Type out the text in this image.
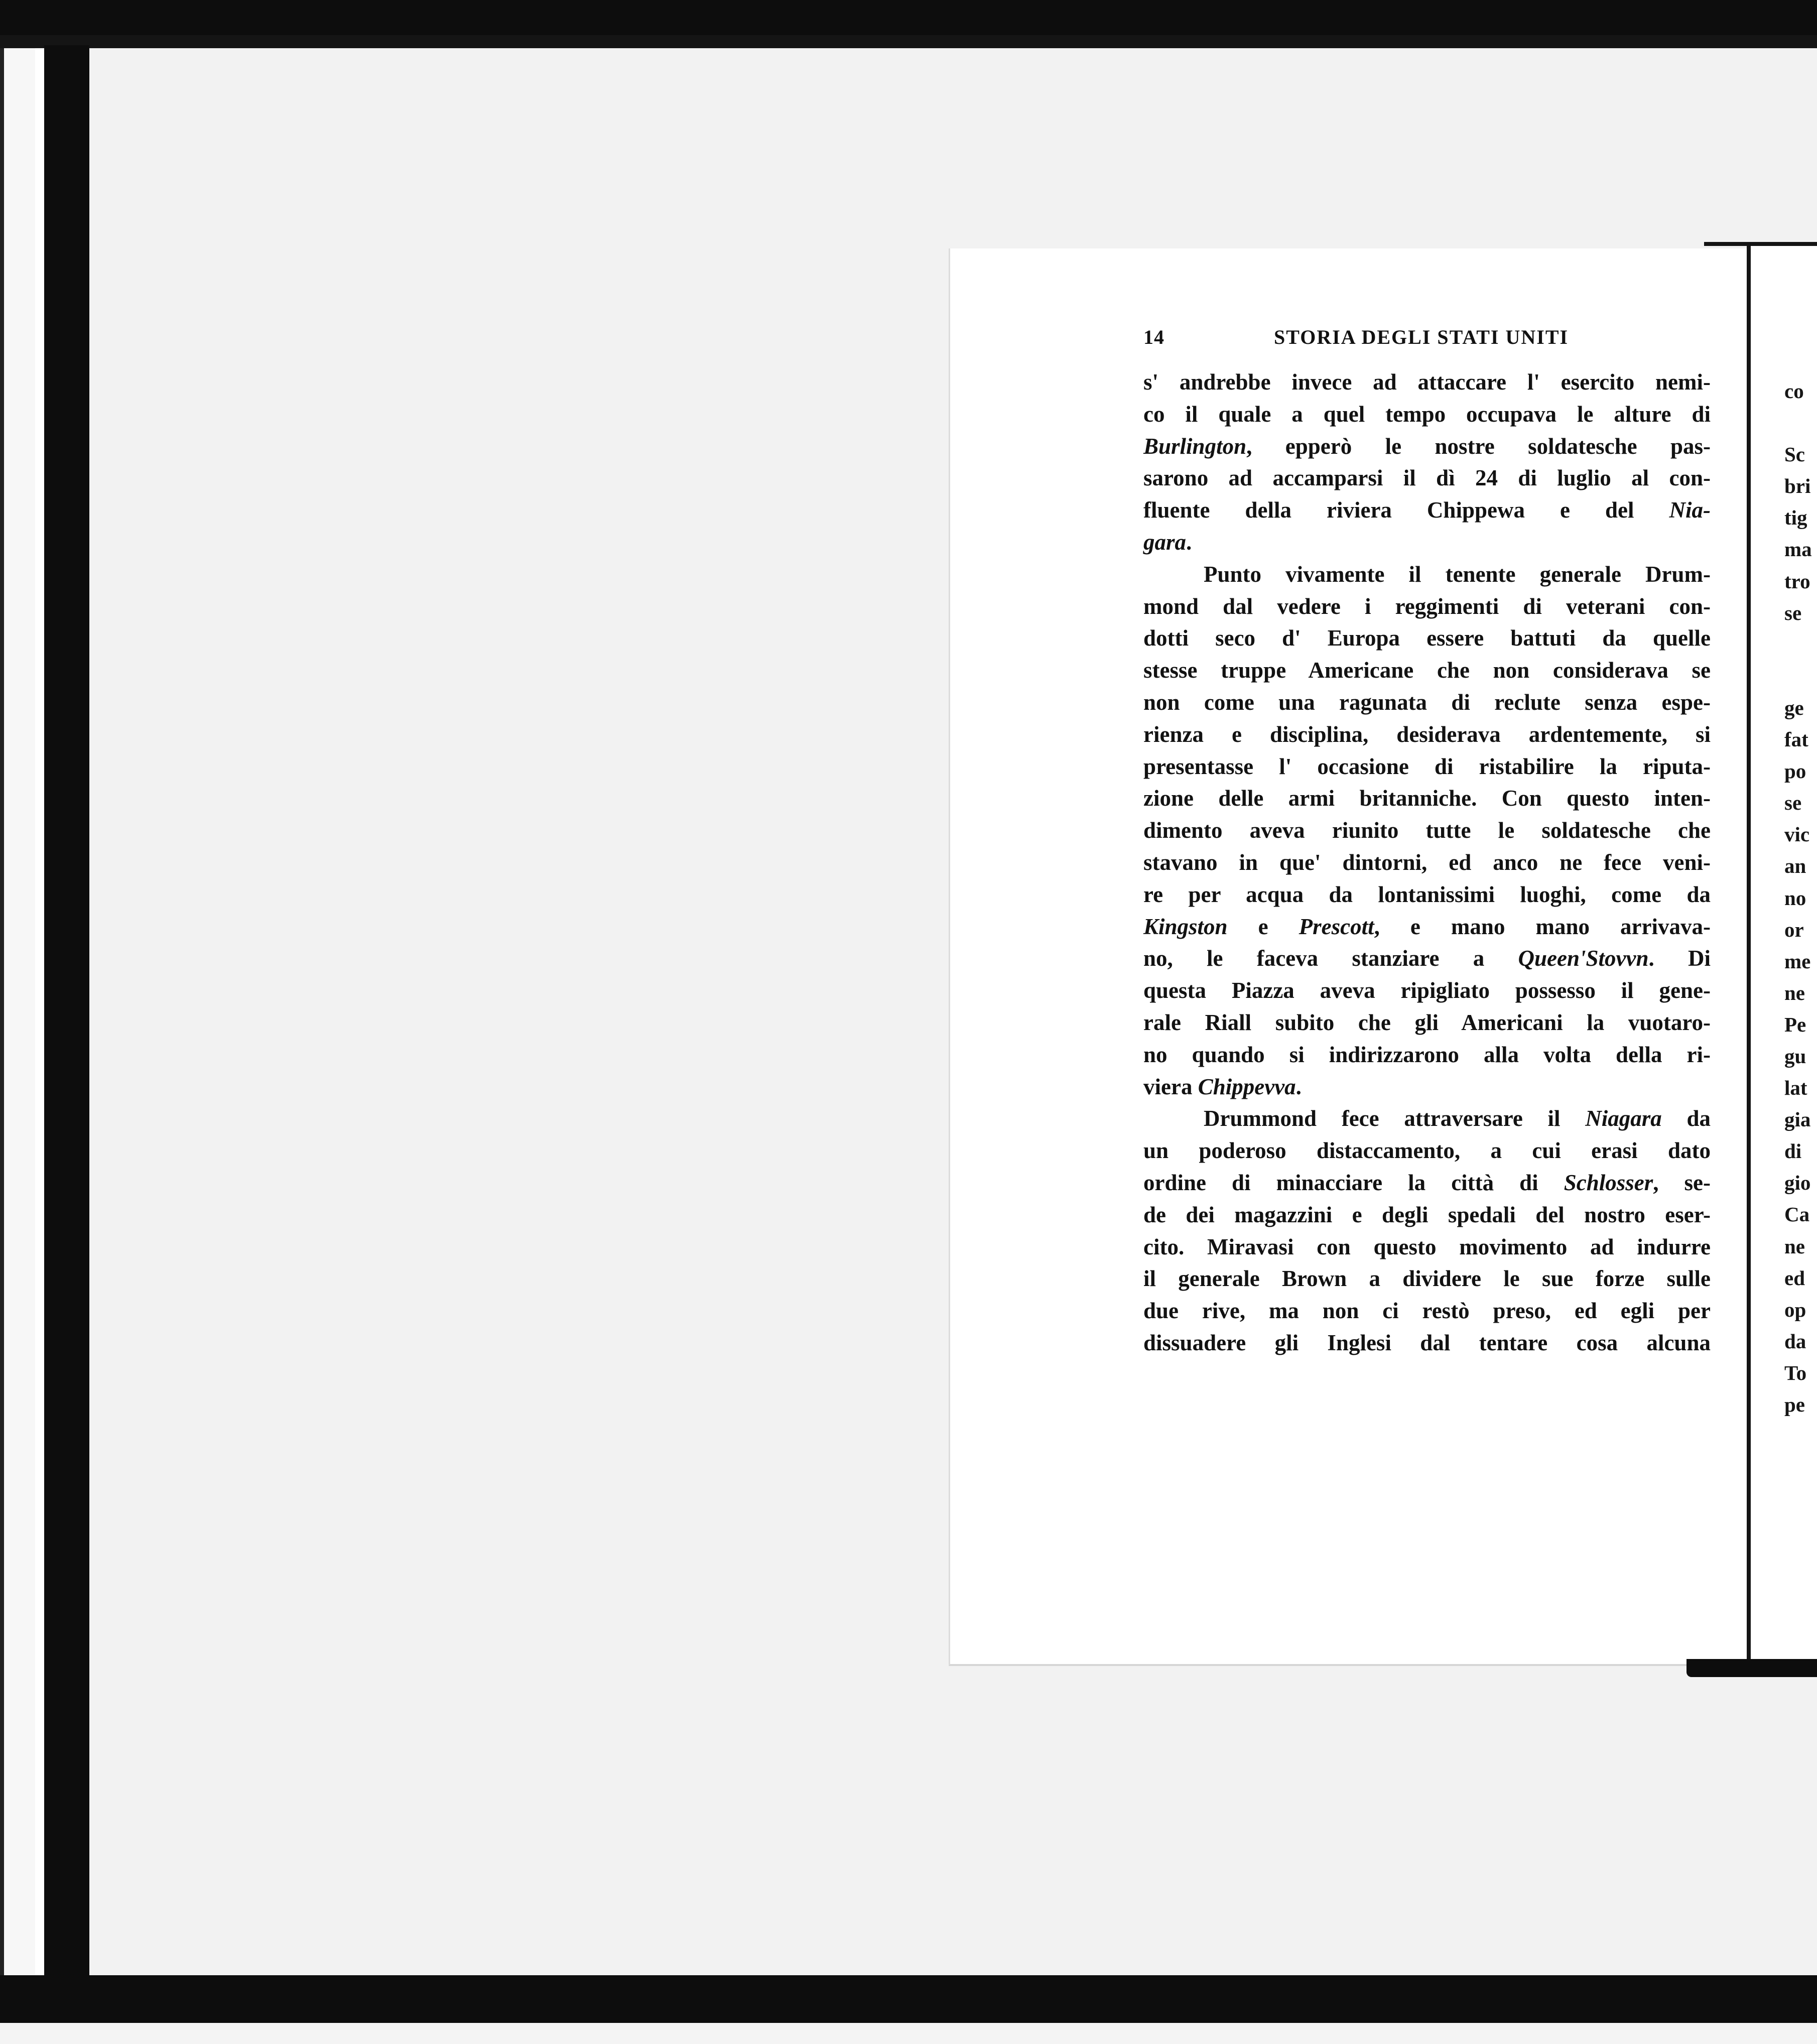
co
Sc
bri
tig
ma
tro
se
ge
fat
po
se
vic
an
no
or
me
ne
Pe
gu
lat
gia
di
gio
Ca
ne
ed
op
da
To
pe
14	STORIA DEGLI STATI UNITI
s' andrebbe invece ad attaccare l' esercito nemi-
co il quale a quel tempo occupava le alture di
Burlington, epperò le nostre soldatesche pas-
sarono ad accamparsi il dì 24 di luglio al con-
fluente della riviera Chippewa e del Nia-
gara.
Punto vivamente il tenente generale Drum-
mond dal vedere i reggimenti di veterani con-
dotti seco d' Europa essere battuti da quelle
stesse truppe Americane che non considerava se
non come una ragunata di reclute senza espe-
rienza e disciplina, desiderava ardentemente, si
presentasse l' occasione di ristabilire la riputa-
zione delle armi britanniche. Con questo inten-
dimento aveva riunito tutte le soldatesche che
stavano in que' dintorni, ed anco ne fece veni-
re per acqua da lontanissimi luoghi, come da
Kingston e Prescott, e mano mano arrivava-
no, le faceva stanziare a Queen'Stovvn. Di
questa Piazza aveva ripigliato possesso il gene-
rale Riall subito che gli Americani la vuotaro-
no quando si indirizzarono alla volta della ri-
viera Chippevva.
Drummond fece attraversare il Niagara da
un poderoso distaccamento, a cui erasi dato
ordine di minacciare la città di Schlosser, se-
de dei magazzini e degli spedali del nostro eser-
cito. Miravasi con questo movimento ad indurre
il generale Brown a dividere le sue forze sulle
due rive, ma non ci restò preso, ed egli per
dissuadere gli Inglesi dal tentare cosa alcuna
